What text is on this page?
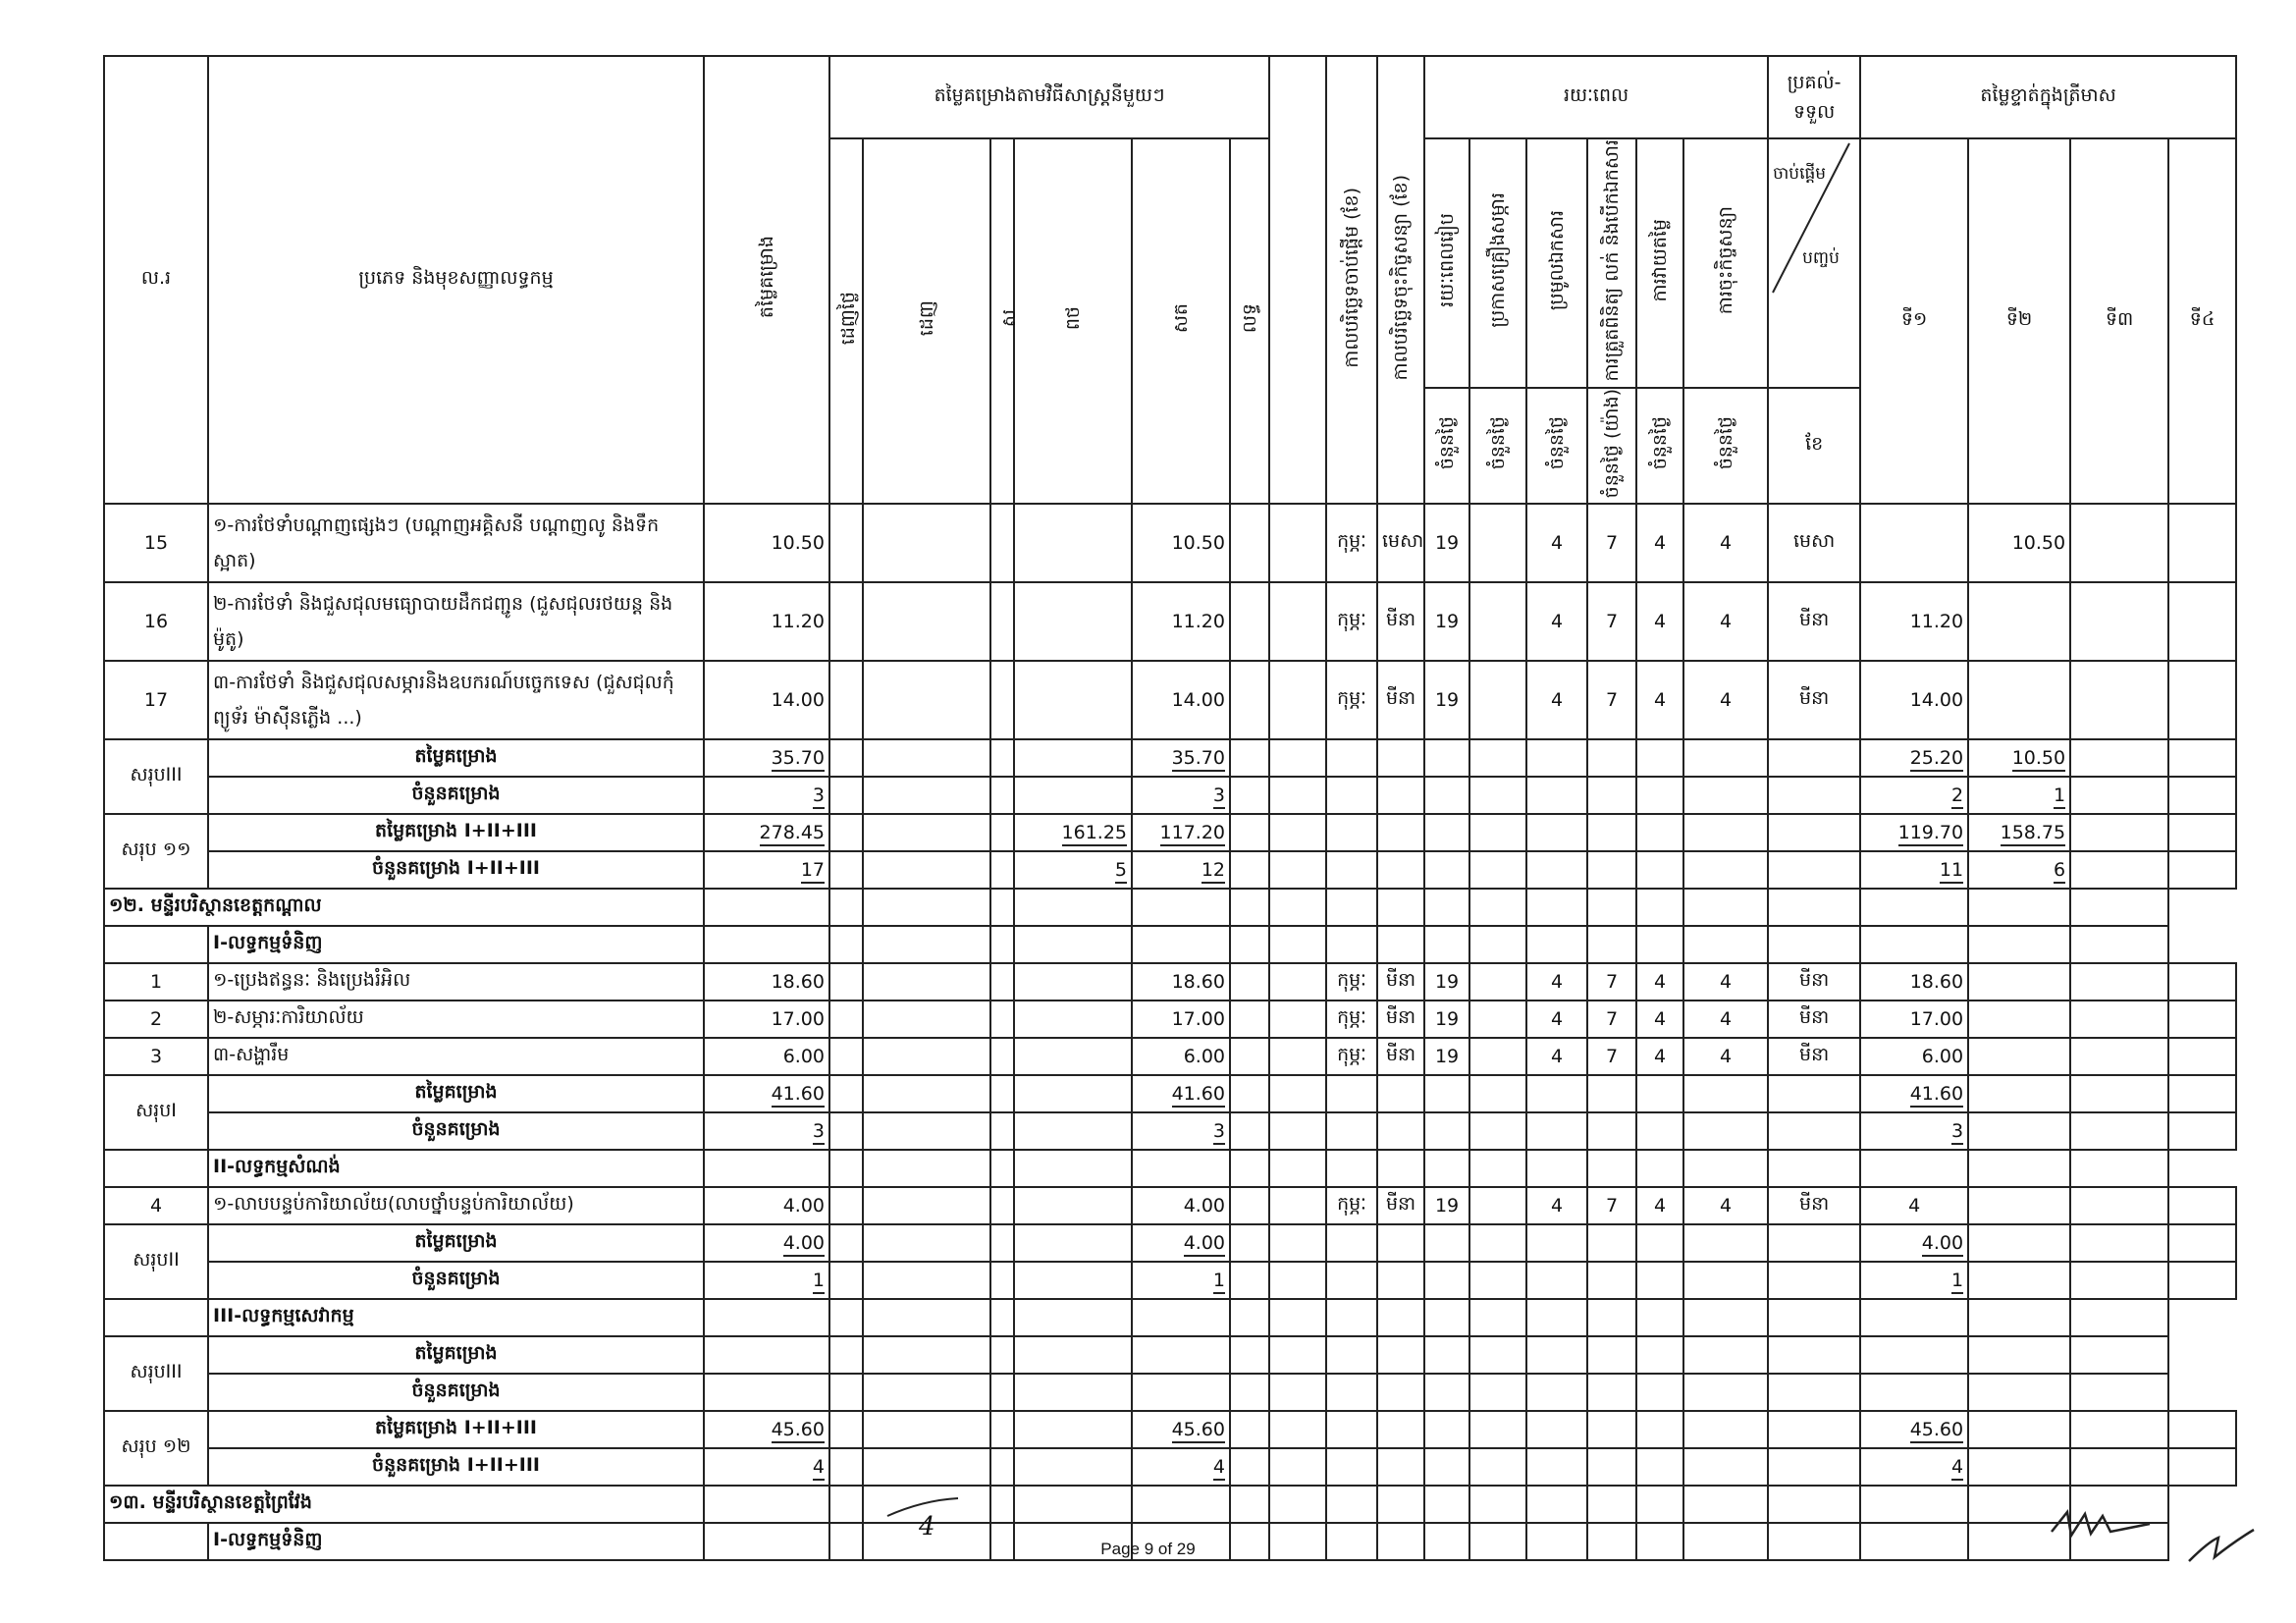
ល.រ	ប្រភេទ និងមុខសញ្ញាលទ្ធកម្ម	តម្លៃគម្រោង	តម្លៃគម្រោងតាមវិធីសាស្ត្រនីមួយៗ							កាលបរិច្ឆេទចាប់ផ្តើម (ខែ)	កាលបរិច្ឆេទចុះកិច្ចសន្យា (ខែ)	រយៈពេល						ប្រគល់-ទទួល	តម្លៃខ្ទាត់ក្នុងត្រីមាស			
			ដេញថ្លៃ	ដេញ	ស	ពថ	សត	លទ្ធ				រយៈពេលរៀប	ប្រកាសគ្រឿងសម្ភារ	ប្រមូលឯកសារ	ការត្រួតពិនិត្យ លក់ និងបើកឯកសារ	ការវាយតម្លៃ	ការចុះកិច្ចសន្យា	ចាប់ផ្តើម
បញ្ចប់	ទី១	ទី២	ទី៣	ទី៤
												ចំនួនថ្ងៃ	ចំនួនថ្ងៃ	ចំនួនថ្ងៃ	ចំនួនថ្ងៃ (យ៉ាង)	ចំនួនថ្ងៃ	ចំនួនថ្ងៃ	ខែ				
15	១-ការថែទាំបណ្តាញផ្សេងៗ (បណ្តាញអគ្គិសនី បណ្តាញលូ និងទឹកស្អាត)	10.50					10.50			កុម្ភៈ	មេសា	19		4	7	4	4	មេសា		10.50		
16	២-ការថែទាំ និងជួសជុលមធ្យោបាយដឹកជញ្ជូន (ជួសជុលរថយន្ត និងម៉ូតូ)	11.20					11.20			កុម្ភៈ	មីនា	19		4	7	4	4	មីនា	11.20			
17	៣-ការថែទាំ និងជួសជុលសម្ភារនិងឧបករណ៍បច្ចេកទេស (ជួសជុលកុំព្យូទ័រ ម៉ាស៊ីនភ្លើង ...)	14.00					14.00			កុម្ភៈ	មីនា	19		4	7	4	4	មីនា	14.00			
សរុបIII	តម្លៃគម្រោង	35.70					35.70												25.20	10.50		
	ចំនួនគម្រោង	3					3												2	1		
សរុប ១១	តម្លៃគម្រោង I+II+III	278.45				161.25	117.20												119.70	158.75		
	ចំនួនគម្រោង I+II+III	17				5	12												11	6		
១២. មន្ទីរបរិស្ថានខេត្តកណ្តាល																						
	I-លទ្ធកម្មទំនិញ																					
1	១-ប្រេងឥន្ធនៈ និងប្រេងរំអិល	18.60					18.60			កុម្ភៈ	មីនា	19		4	7	4	4	មីនា	18.60			
2	២-សម្ភារៈការិយាល័យ	17.00					17.00			កុម្ភៈ	មីនា	19		4	7	4	4	មីនា	17.00			
3	៣-សង្ហារឹម	6.00					6.00			កុម្ភៈ	មីនា	19		4	7	4	4	មីនា	6.00			
សរុបI	តម្លៃគម្រោង	41.60					41.60												41.60			
	ចំនួនគម្រោង	3					3												3			
	II-លទ្ធកម្មសំណង់																					
4	១-លាបបន្ទប់ការិយាល័យ(លាបថ្នាំបន្ទប់ការិយាល័យ)	4.00					4.00			កុម្ភៈ	មីនា	19		4	7	4	4	មីនា	4			
សរុបII	តម្លៃគម្រោង	4.00					4.00												4.00			
	ចំនួនគម្រោង	1					1												1			
	III-លទ្ធកម្មសេវាកម្ម																					
សរុបIII	តម្លៃគម្រោង																					
	ចំនួនគម្រោង																					
សរុប ១២	តម្លៃគម្រោង I+II+III	45.60					45.60												45.60			
	ចំនួនគម្រោង I+II+III	4					4												4			
១៣. មន្ទីរបរិស្ថានខេត្តព្រៃវែង																						
	I-លទ្ធកម្មទំនិញ																						4
Page 9 of 29
